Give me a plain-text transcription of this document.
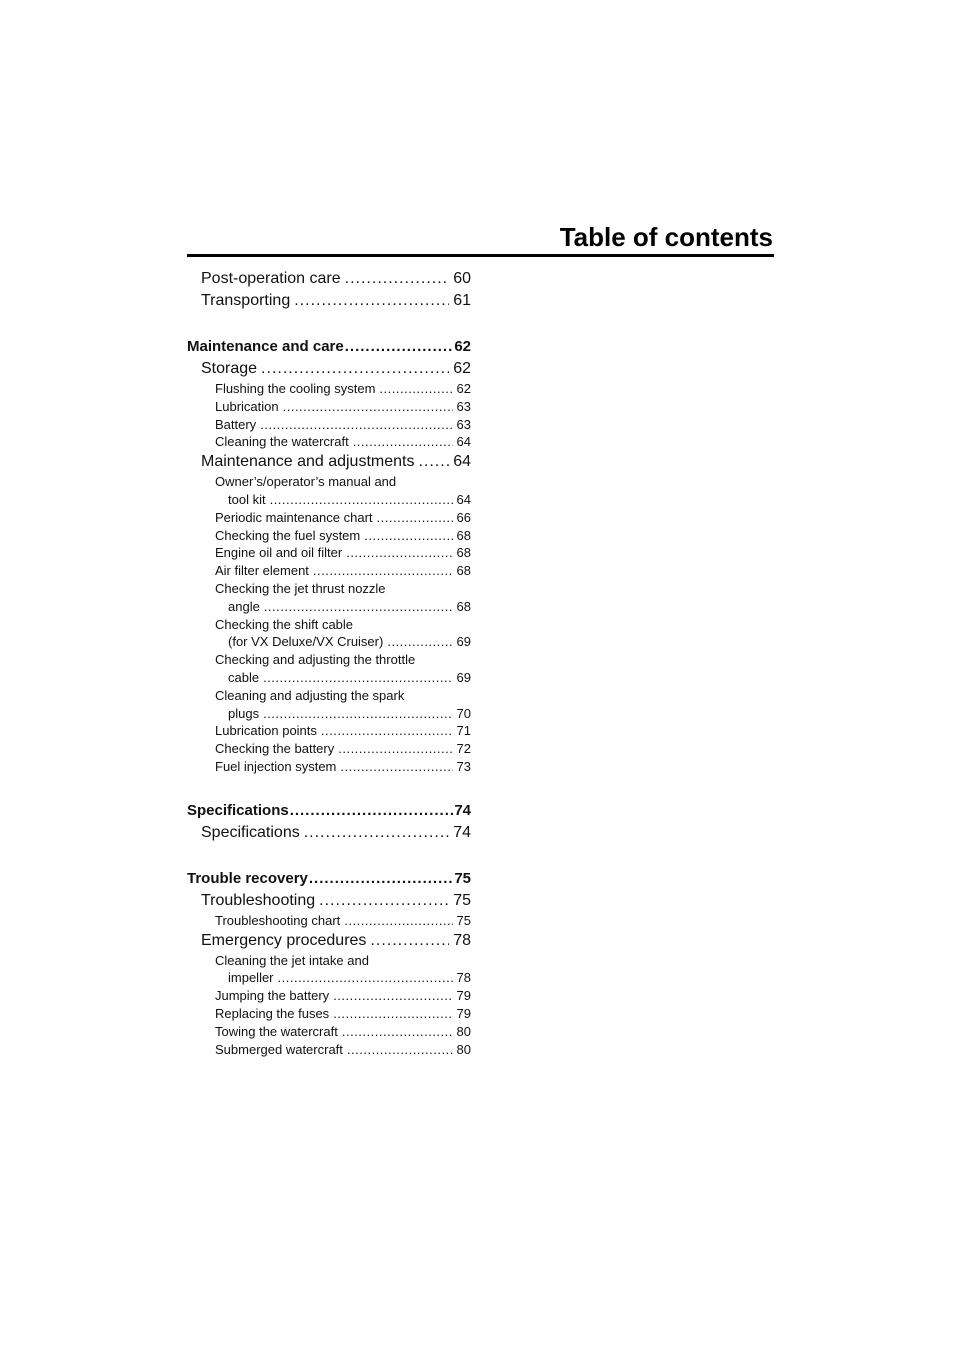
Table of contents
Post-operation care .....	60
Transporting .....	61
Maintenance and care .....	62
Storage .....	62
Flushing the cooling system .....	62
Lubrication .....	63
Battery .....	63
Cleaning the watercraft .....	64
Maintenance and adjustments ..... 64
Owner’s/operator’s manual and
tool kit .....	64
Periodic maintenance chart .....	66
Checking the fuel system .....	68
Engine oil and oil filter .....	68
Air filter element .....	68
Checking the jet thrust nozzle
angle .....	68
Checking the shift cable
(for VX Deluxe/VX Cruiser) .....	69
Checking and adjusting the throttle
cable .....	69
Cleaning and adjusting the spark
plugs .....	70
Lubrication points .....	71
Checking the battery .....	72
Fuel injection system .....	73
Specifications .....	74
Specifications .....	74
Trouble recovery .....	75
Troubleshooting .....	75
Troubleshooting chart .....	75
Emergency procedures .....	78
Cleaning the jet intake and
impeller .....	78
Jumping the battery .....	79
Replacing the fuses .....	79
Towing the watercraft .....	80
Submerged watercraft .....	80
